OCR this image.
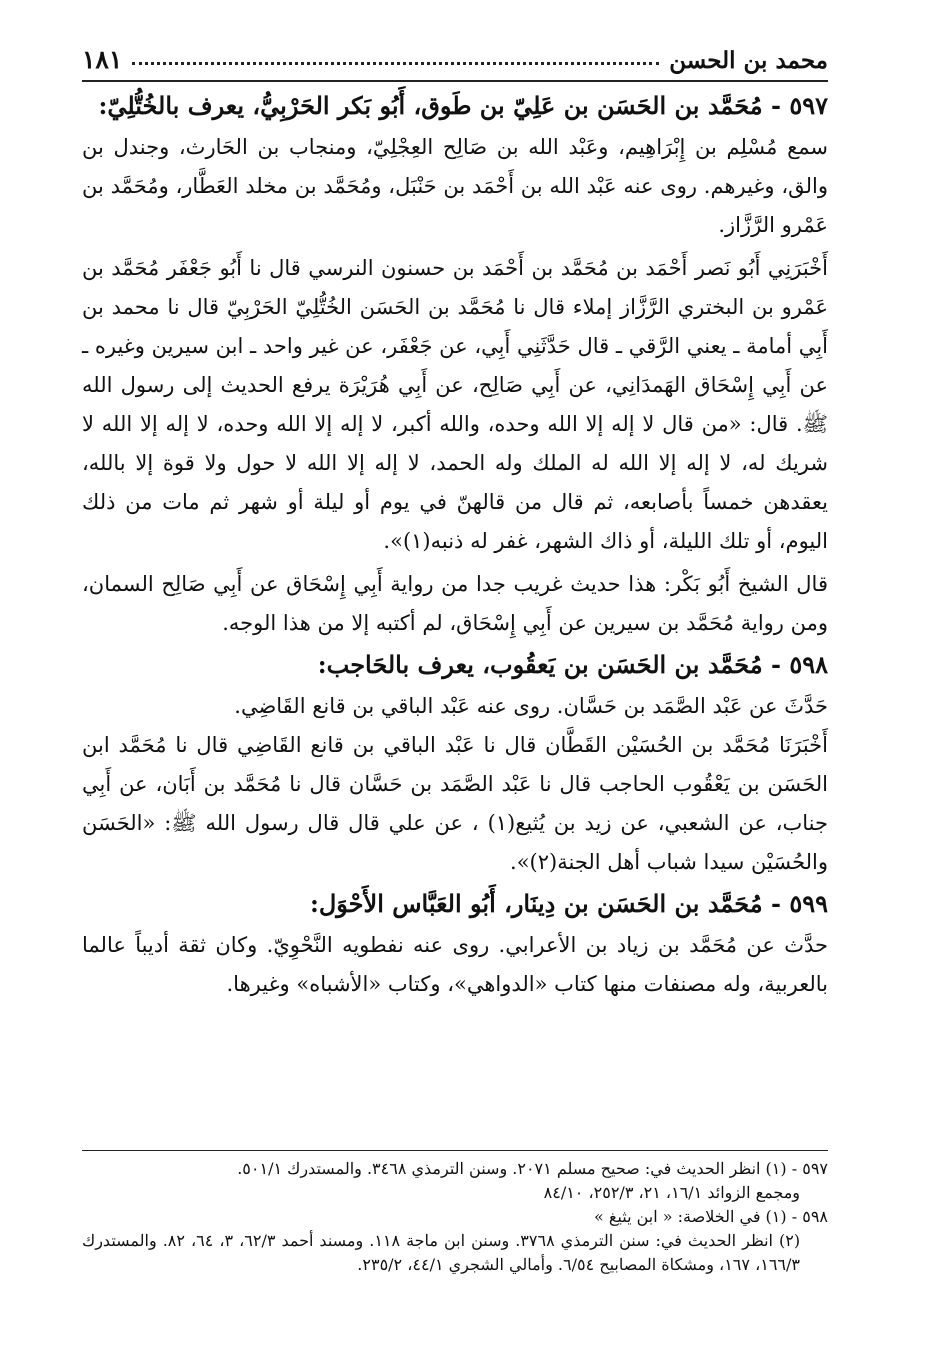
محمد بن الحسن
١٨١

٥٩٧ - مُحَمَّد بن الحَسَن بن عَلِيّ بن طَوق، أَبُو بَكر الحَرْبِيُّ، يعرف بالخُتُّلِيّ:

سمع مُسْلِم بن إِبْرَاهِيم، وعَبْد الله بن صَالِح العِجْلِيّ، ومنجاب بن الحَارث، وجندل بن والق، وغيرهم. روى عنه عَبْد الله بن أَحْمَد بن حَنْبَل، ومُحَمَّد بن مخلد العَطَّار، ومُحَمَّد بن عَمْرو الرَّزَّاز.

أَخْبَرَنِي أَبُو نَصر أَحْمَد بن مُحَمَّد بن أَحْمَد بن حسنون النرسي قال نا أَبُو جَعْفَر مُحَمَّد بن عَمْرو بن البختري الرَّزَّاز إملاء قال نا مُحَمَّد بن الحَسَن الخُتُّلِيّ الحَرْبِيّ قال نا محمد بن أَبِي أمامة ـ يعني الرَّقي ـ قال حَدَّثَنِي أَبِي، عن جَعْفَر، عن غير واحد ـ ابن سيرين وغيره ـ عن أَبِي إِسْحَاق الهَمدَانِي، عن أَبِي صَالِح، عن أَبِي هُرَيْرَة يرفع الحديث إلى رسول الله ﷺ. قال: «من قال لا إله إلا الله وحده، والله أكبر، لا إله إلا الله وحده، لا إله إلا الله لا شريك له، لا إله إلا الله له الملك وله الحمد، لا إله إلا الله لا حول ولا قوة إلا بالله، يعقدهن خمساً بأصابعه، ثم قال من قالهنّ في يوم أو ليلة أو شهر ثم مات من ذلك اليوم، أو تلك الليلة، أو ذاك الشهر، غفر له ذنبه(١)».

قال الشيخ أَبُو بَكْر: هذا حديث غريب جدا من رواية أَبِي إِسْحَاق عن أَبِي صَالِح السمان، ومن رواية مُحَمَّد بن سيرين عن أَبِي إِسْحَاق، لم أكتبه إلا من هذا الوجه.

٥٩٨ - مُحَمَّد بن الحَسَن بن يَعقُوب، يعرف بالحَاجب:

حَدَّثَ عن عَبْد الصَّمَد بن حَسَّان. روى عنه عَبْد الباقي بن قانع القَاضِي.

أَخْبَرَنَا مُحَمَّد بن الحُسَيْن القَطَّان قال نا عَبْد الباقي بن قانع القَاضِي قال نا مُحَمَّد ابن الحَسَن بن يَعْقُوب الحاجب قال نا عَبْد الصَّمَد بن حَسَّان قال نا مُحَمَّد بن أَبَان، عن أَبِي جناب، عن الشعبي، عن زيد بن يُثيع(١) ، عن علي قال قال رسول الله ﷺ: «الحَسَن والحُسَيْن سيدا شباب أهل الجنة(٢)».

٥٩٩ - مُحَمَّد بن الحَسَن بن دِينَار، أَبُو العَبَّاس الأَحْوَل:

حدَّث عن مُحَمَّد بن زياد بن الأعرابي. روى عنه نفطويه النَّحْوِيّ. وكان ثقة أديباً عالما بالعربية، وله مصنفات منها كتاب «الدواهي»، وكتاب «الأشباه» وغيرها.

٥٩٧ - (١) انظر الحديث في: صحيح مسلم ٢٠٧١. وسنن الترمذي ٣٤٦٨. والمستدرك ٥٠١/١.

ومجمع الزوائد ١٦/١، ٢١، ٢٥٢/٣، ٨٤/١٠

٥٩٨ - (١) في الخلاصة: « ابن يثيغ »

(٢) انظر الحديث في: سنن الترمذي ٣٧٦٨. وسنن ابن ماجة ١١٨. ومسند أحمد ٦٢/٣، ٣، ٦٤، ٨٢. والمستدرك ١٦٦/٣، ١٦٧، ومشكاة المصابيح ٦/٥٤. وأمالي الشجري ٤٤/١، ٢٣٥/٢.
